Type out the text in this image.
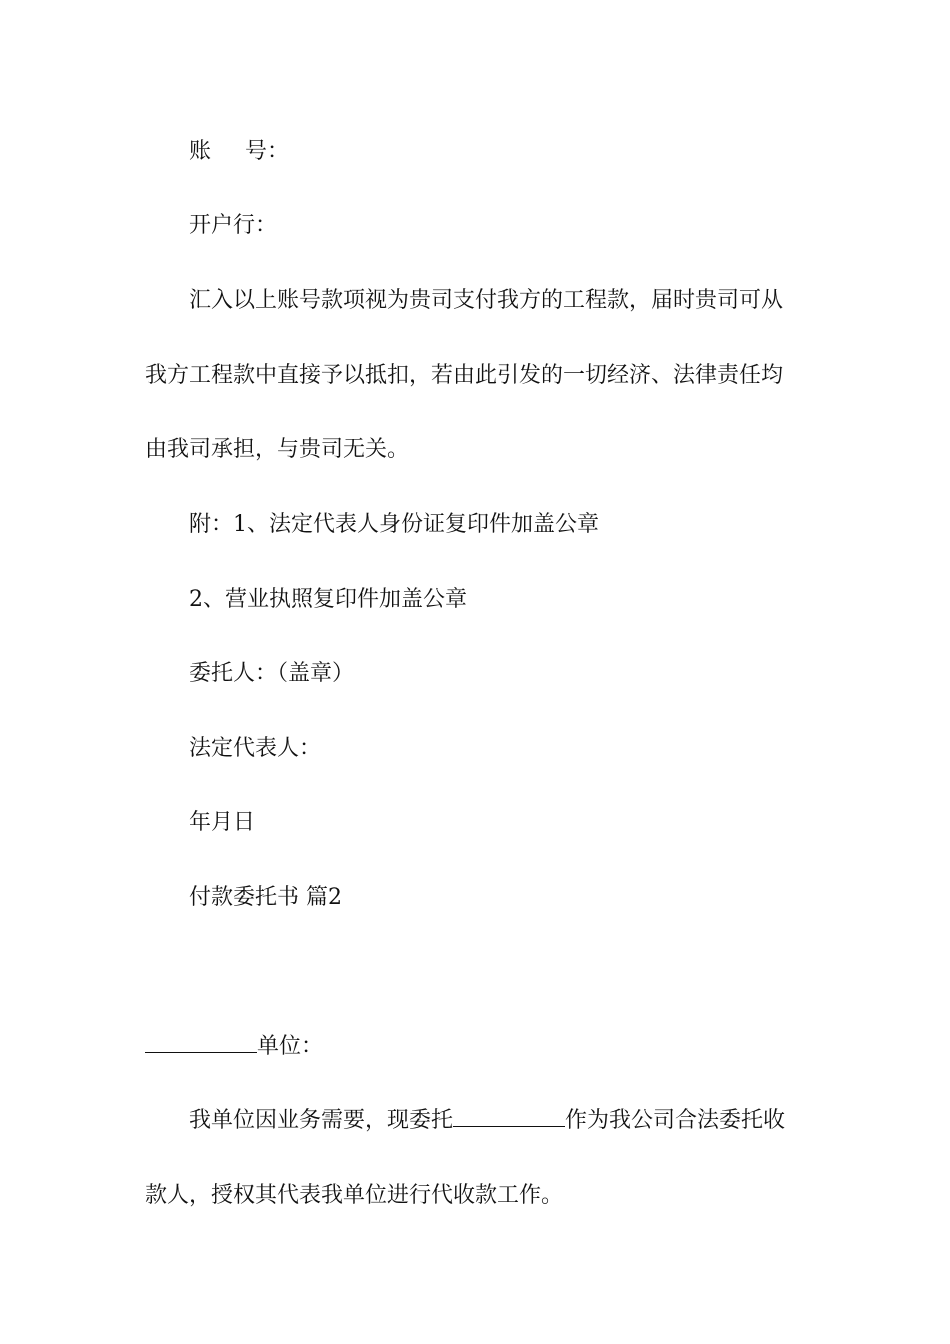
账 号：
开户行：
汇入以上账号款项视为贵司支付我方的工程款，届时贵司可从
我方工程款中直接予以抵扣，若由此引发的一切经济、法律责任均
由我司承担，与贵司无关。
附：1、法定代表人身份证复印件加盖公章
2、营业执照复印件加盖公章
委托人：（盖章）
法定代表人：
年月日
付款委托书 篇2
单位：
我单位因业务需要，现委托	作为我公司合法委托收
款人，授权其代表我单位进行代收款工作。
